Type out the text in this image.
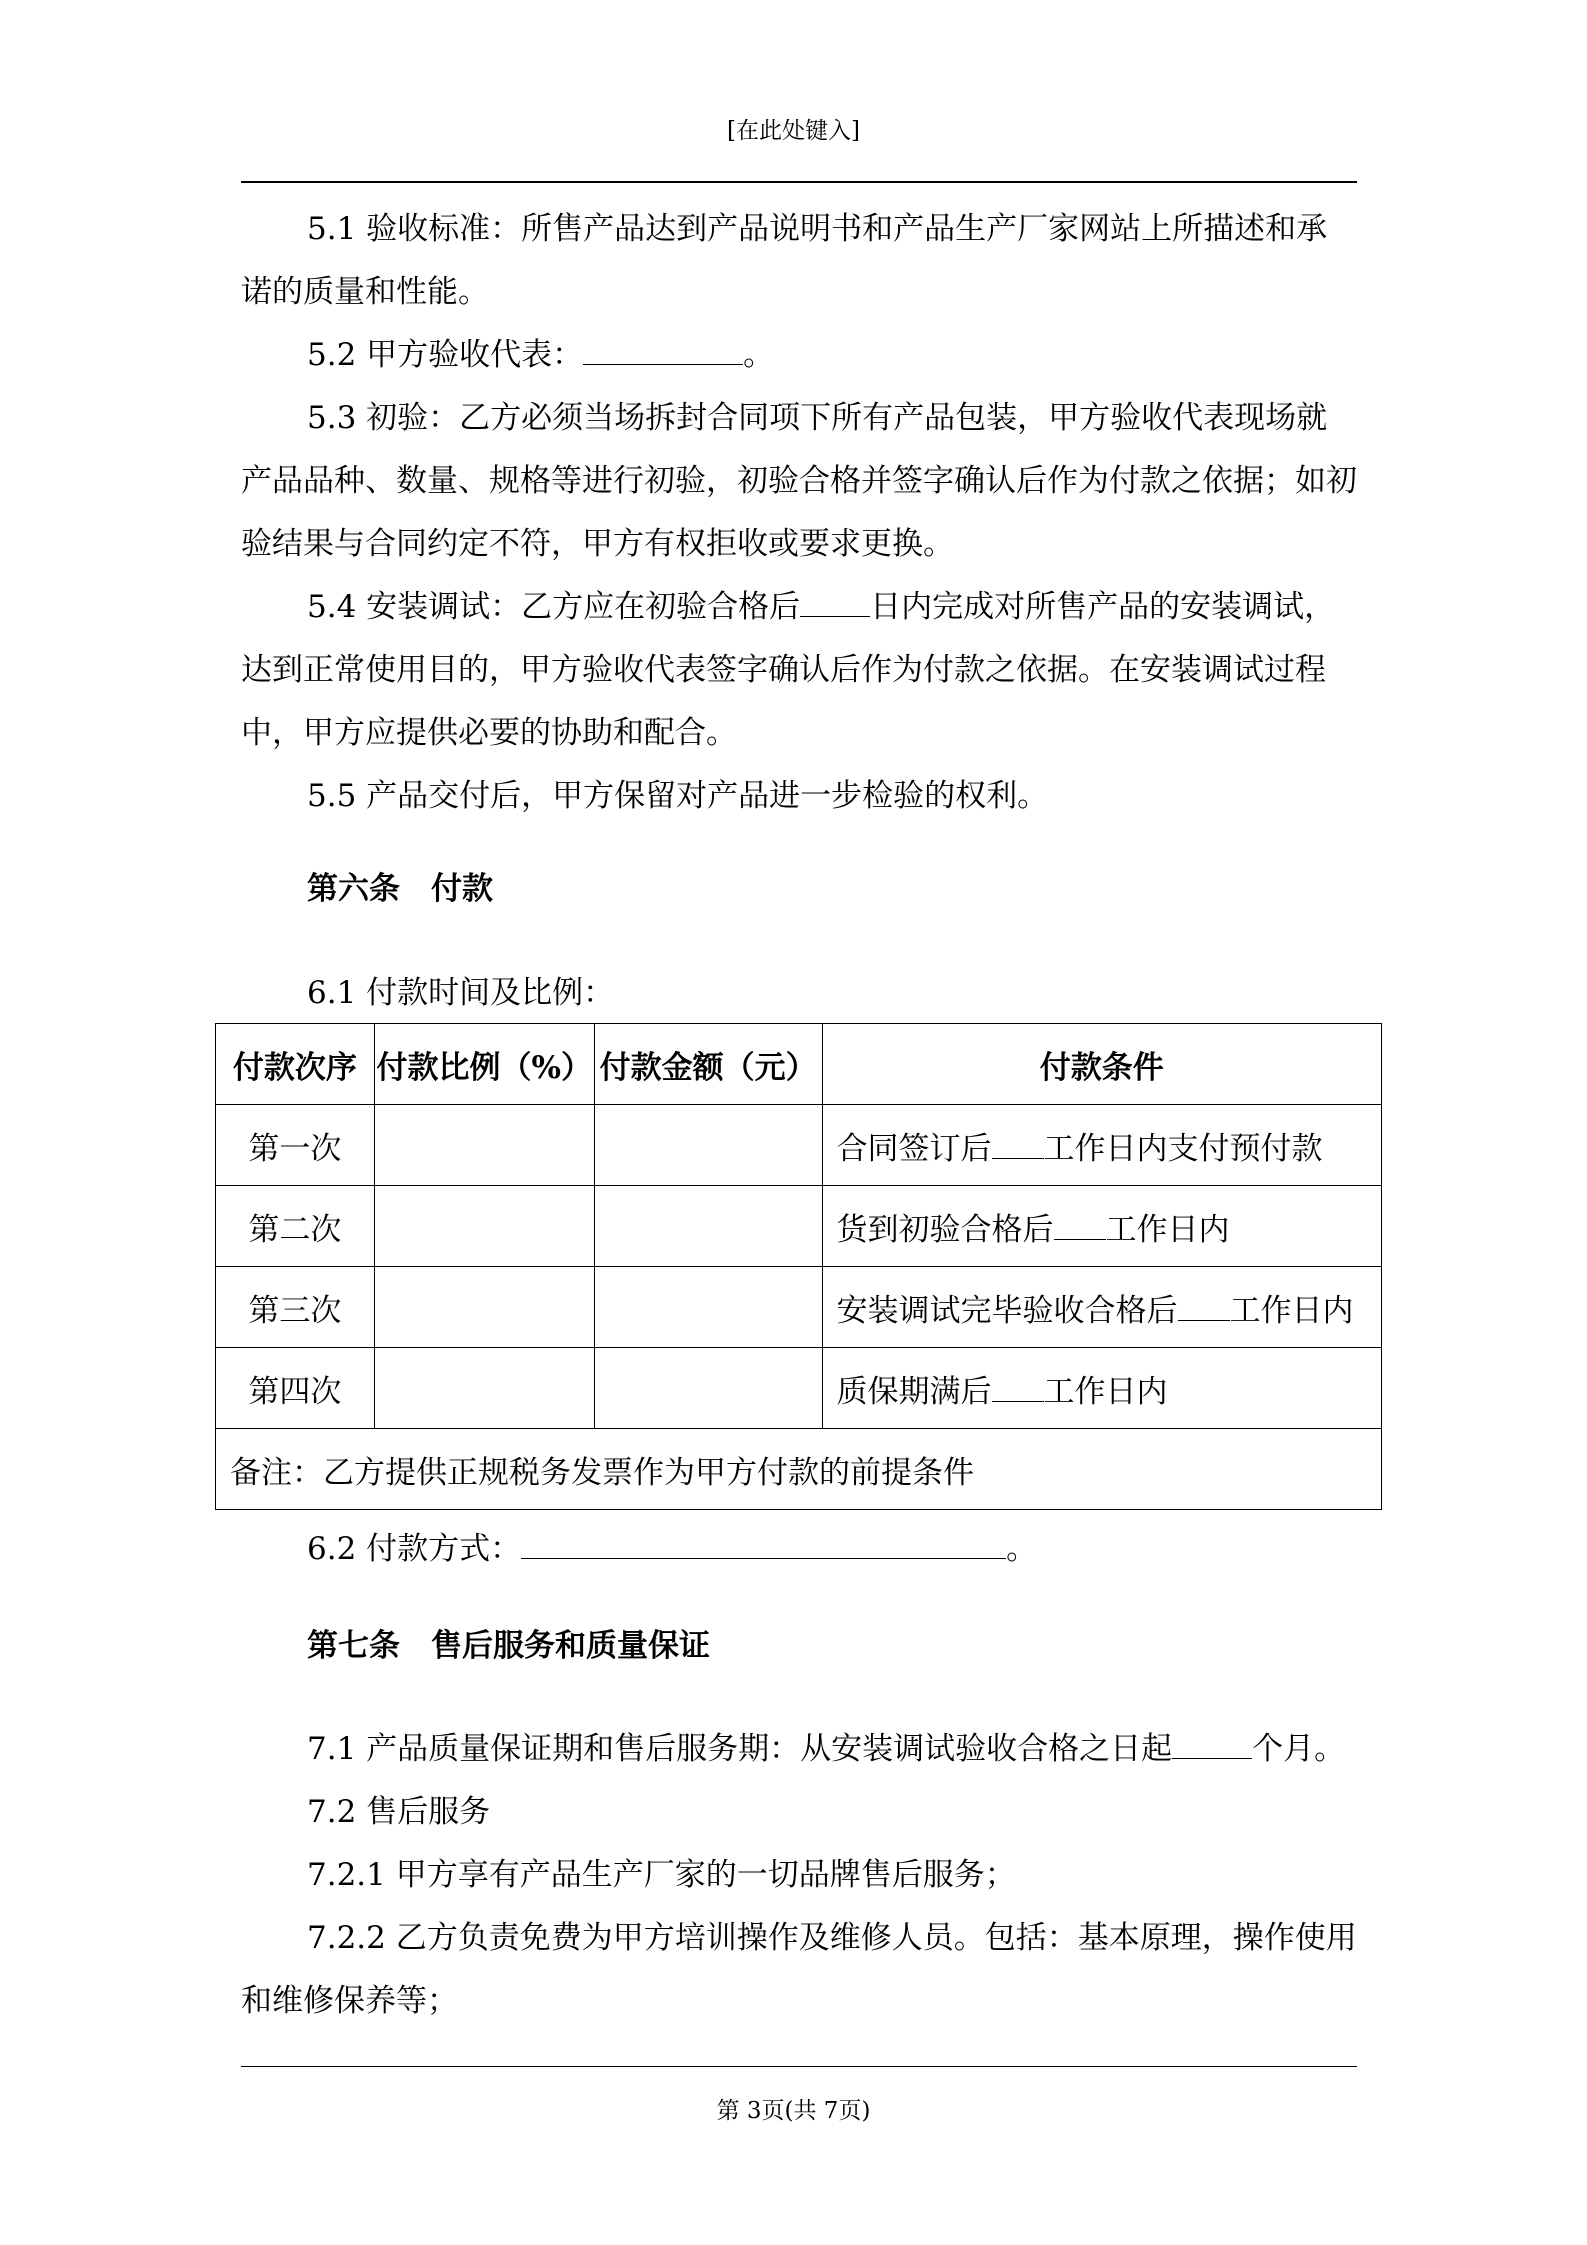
[在此处键入]

5.1 验收标准：所售产品达到产品说明书和产品生产厂家网站上所描述和承诺的质量和性能。

5.2 甲方验收代表：	。

5.3 初验：乙方必须当场拆封合同项下所有产品包装，甲方验收代表现场就产品品种、数量、规格等进行初验，初验合格并签字确认后作为付款之依据；如初验结果与合同约定不符，甲方有权拒收或要求更换。

5.4 安装调试：乙方应在初验合格后 日内完成对所售产品的安装调试，达到正常使用目的，甲方验收代表签字确认后作为付款之依据。在安装调试过程中，甲方应提供必要的协助和配合。

5.5 产品交付后，甲方保留对产品进一步检验的权利。

第六条　付款

6.1 付款时间及比例：

付款次序	付款比例（%）	付款金额（元）	付款条件
第一次			合同签订后 工作日内支付预付款
第二次			货到初验合格后 工作日内
第三次			安装调试完毕验收合格后 工作日内
第四次			质保期满后 工作日内
备注：乙方提供正规税务发票作为甲方付款的前提条件			

6.2 付款方式：	。

第七条　售后服务和质量保证

7.1 产品质量保证期和售后服务期：从安装调试验收合格之日起	个月。

7.2 售后服务

7.2.1 甲方享有产品生产厂家的一切品牌售后服务；

7.2.2 乙方负责免费为甲方培训操作及维修人员。包括：基本原理，操作使用和维修保养等；

第 3页(共 7页)
